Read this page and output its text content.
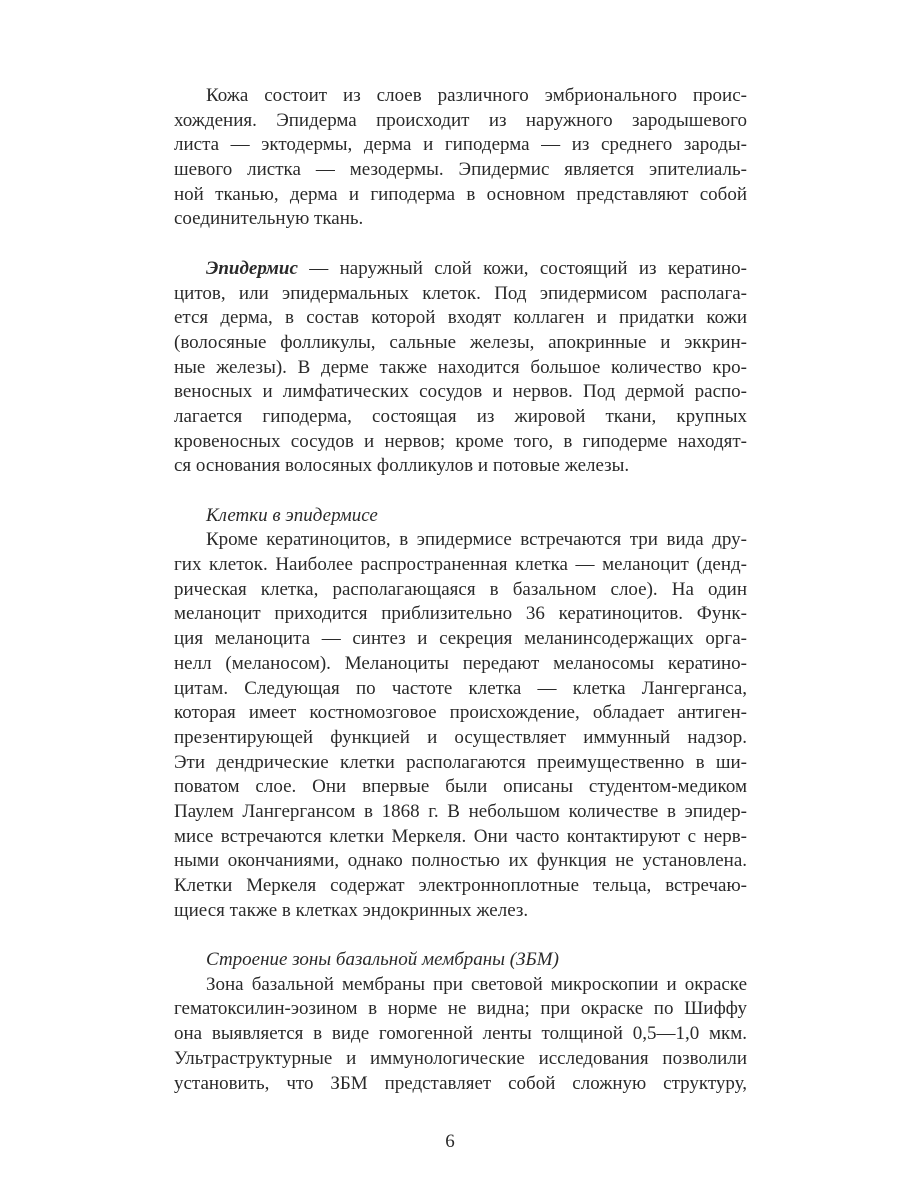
Кожа состоит из слоев различного эмбрионального проис-
хождения. Эпидерма происходит из наружного зародышевого
листа — эктодермы, дерма и гиподерма — из среднего зароды-
шевого листка — мезодермы. Эпидермис является эпителиаль-
ной тканью, дерма и гиподерма в основном представляют собой
соединительную ткань.
Эпидермис — наружный слой кожи, состоящий из кератино-
цитов, или эпидермальных клеток. Под эпидермисом располага-
ется дерма, в состав которой входят коллаген и придатки кожи
(волосяные фолликулы, сальные железы, апокринные и эккрин-
ные железы). В дерме также находится большое количество кро-
веносных и лимфатических сосудов и нервов. Под дермой распо-
лагается гиподерма, состоящая из жировой ткани, крупных
кровеносных сосудов и нервов; кроме того, в гиподерме находят-
ся основания волосяных фолликулов и потовые железы.
Клетки в эпидермисе
Кроме кератиноцитов, в эпидермисе встречаются три вида дру-
гих клеток. Наиболее распространенная клетка — меланоцит (денд-
рическая клетка, располагающаяся в базальном слое). На один
меланоцит приходится приблизительно 36 кератиноцитов. Функ-
ция меланоцита — синтез и секреция меланинсодержащих орга-
нелл (меланосом). Меланоциты передают меланосомы кератино-
цитам. Следующая по частоте клетка — клетка Лангерганса,
которая имеет костномозговое происхождение, обладает антиген-
презентирующей функцией и осуществляет иммунный надзор.
Эти дендрические клетки располагаются преимущественно в ши-
поватом слое. Они впервые были описаны студентом-медиком
Паулем Лангергансом в 1868 г. В небольшом количестве в эпидер-
мисе встречаются клетки Меркеля. Они часто контактируют с нерв-
ными окончаниями, однако полностью их функция не установлена.
Клетки Меркеля содержат электронноплотные тельца, встречаю-
щиеся также в клетках эндокринных желез.
Строение зоны базальной мембраны (ЗБМ)
Зона базальной мембраны при световой микроскопии и окраске
гематоксилин-эозином в норме не видна; при окраске по Шиффу
она выявляется в виде гомогенной ленты толщиной 0,5—1,0 мкм.
Ультраструктурные и иммунологические исследования позволили
установить, что ЗБМ представляет собой сложную структуру,
6
